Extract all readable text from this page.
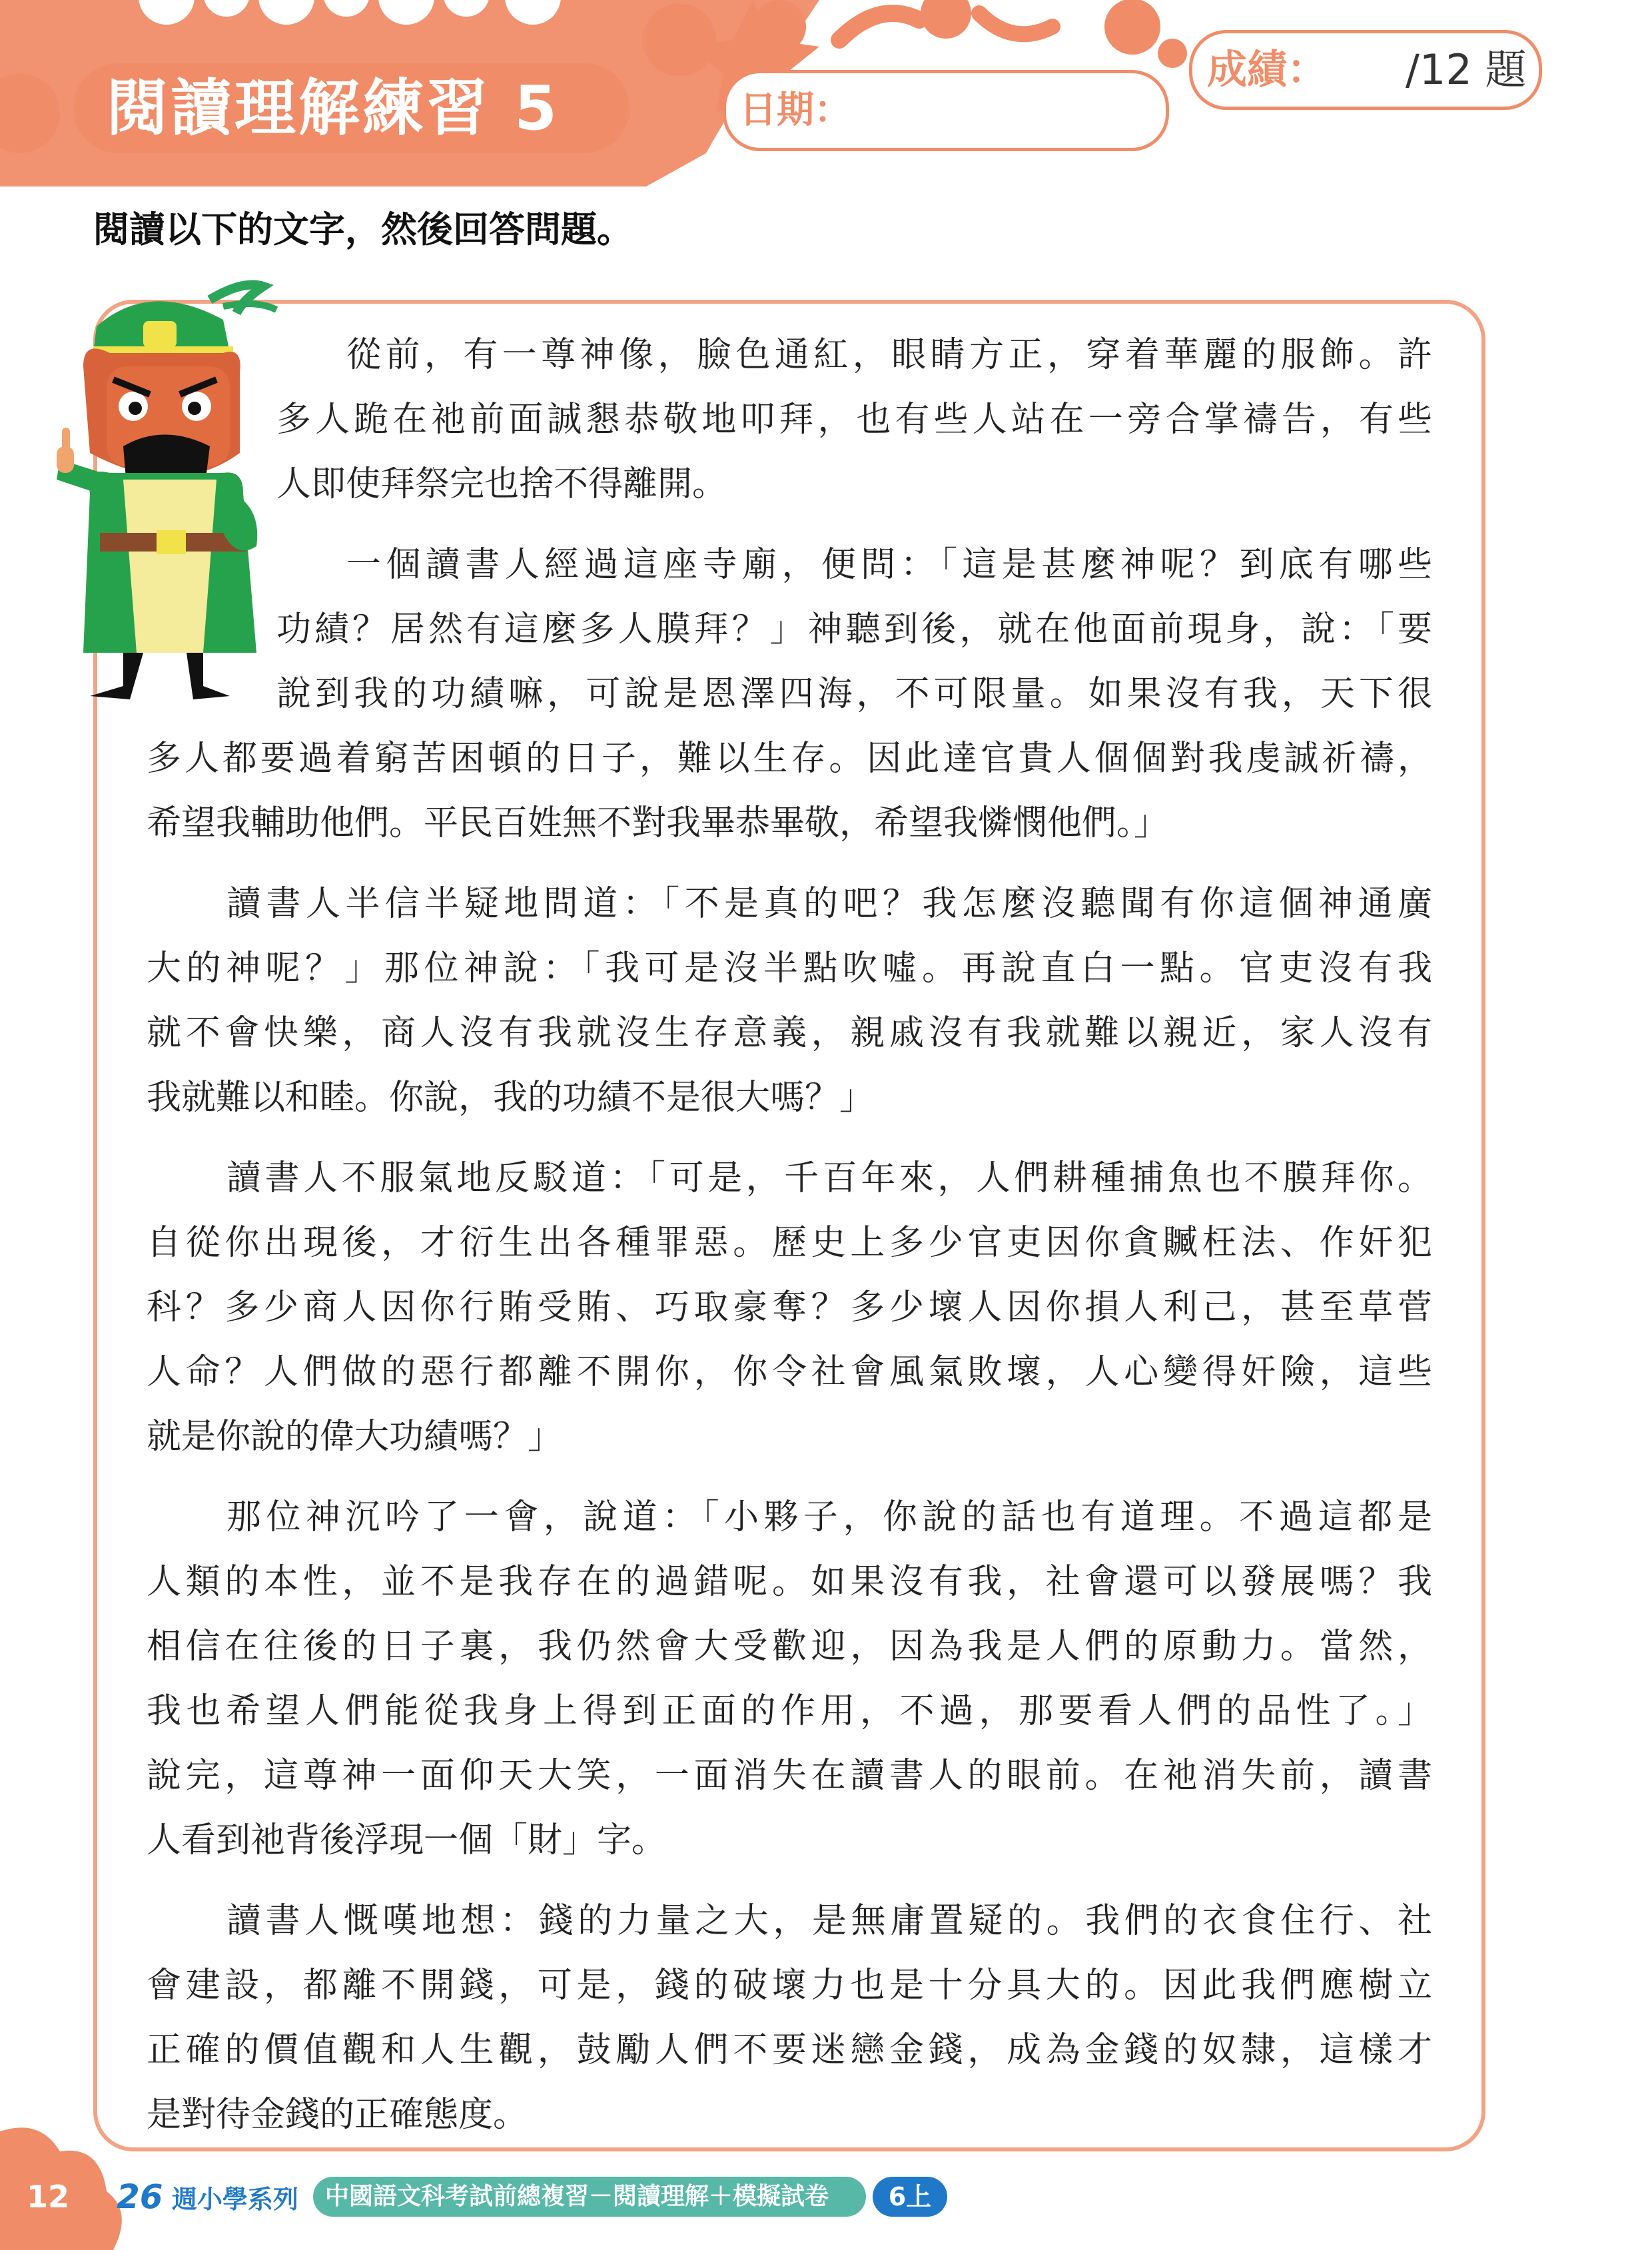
閱讀理解練習 5	日期：
成績： /12 題
閱讀以下的文字，然後回答問題。
從前，有一尊神像，臉色通紅，眼睛方正，穿着華麗的服飾。許
多人跪在祂前面誠懇恭敬地叩拜，也有些人站在一旁合掌禱告，有些
人即使拜祭完也捨不得離開。
一個讀書人經過這座寺廟，便問：「這是甚麼神呢？到底有哪些
功績？居然有這麼多人膜拜？」神聽到後，就在他面前現身，說：「要
說到我的功績嘛，可說是恩澤四海，不可限量。如果沒有我，天下很
多人都要過着窮苦困頓的日子，難以生存。因此達官貴人個個對我虔誠祈禱，
希望我輔助他們。平民百姓無不對我畢恭畢敬，希望我憐憫他們。」
讀書人半信半疑地問道：「不是真的吧？我怎麼沒聽聞有你這個神通廣
大的神呢？」那位神說：「我可是沒半點吹噓。再說直白一點。官吏沒有我
就不會快樂，商人沒有我就沒生存意義，親戚沒有我就難以親近，家人沒有
我就難以和睦。你說，我的功績不是很大嗎？」
讀書人不服氣地反駁道：「可是，千百年來，人們耕種捕魚也不膜拜你。
自從你出現後，才衍生出各種罪惡。歷史上多少官吏因你貪贓枉法、作奸犯
科？多少商人因你行賄受賄、巧取豪奪？多少壞人因你損人利己，甚至草菅
人命？人們做的惡行都離不開你，你令社會風氣敗壞，人心變得奸險，這些
就是你說的偉大功績嗎？」
那位神沉吟了一會，說道：「小夥子，你說的話也有道理。不過這都是
人類的本性，並不是我存在的過錯呢。如果沒有我，社會還可以發展嗎？我
相信在往後的日子裏，我仍然會大受歡迎，因為我是人們的原動力。當然，
我也希望人們能從我身上得到正面的作用，不過，那要看人們的品性了。」
說完，這尊神一面仰天大笑，一面消失在讀書人的眼前。在祂消失前，讀書
人看到祂背後浮現一個「財」字。
讀書人慨嘆地想：錢的力量之大，是無庸置疑的。我們的衣食住行、社
會建設，都離不開錢，可是，錢的破壞力也是十分具大的。因此我們應樹立
正確的價值觀和人生觀，鼓勵人們不要迷戀金錢，成為金錢的奴隸，這樣才
是對待金錢的正確態度。
12 26 週小學系列 中國語文科考試前總複習－閱讀理解＋模擬試卷	6上
